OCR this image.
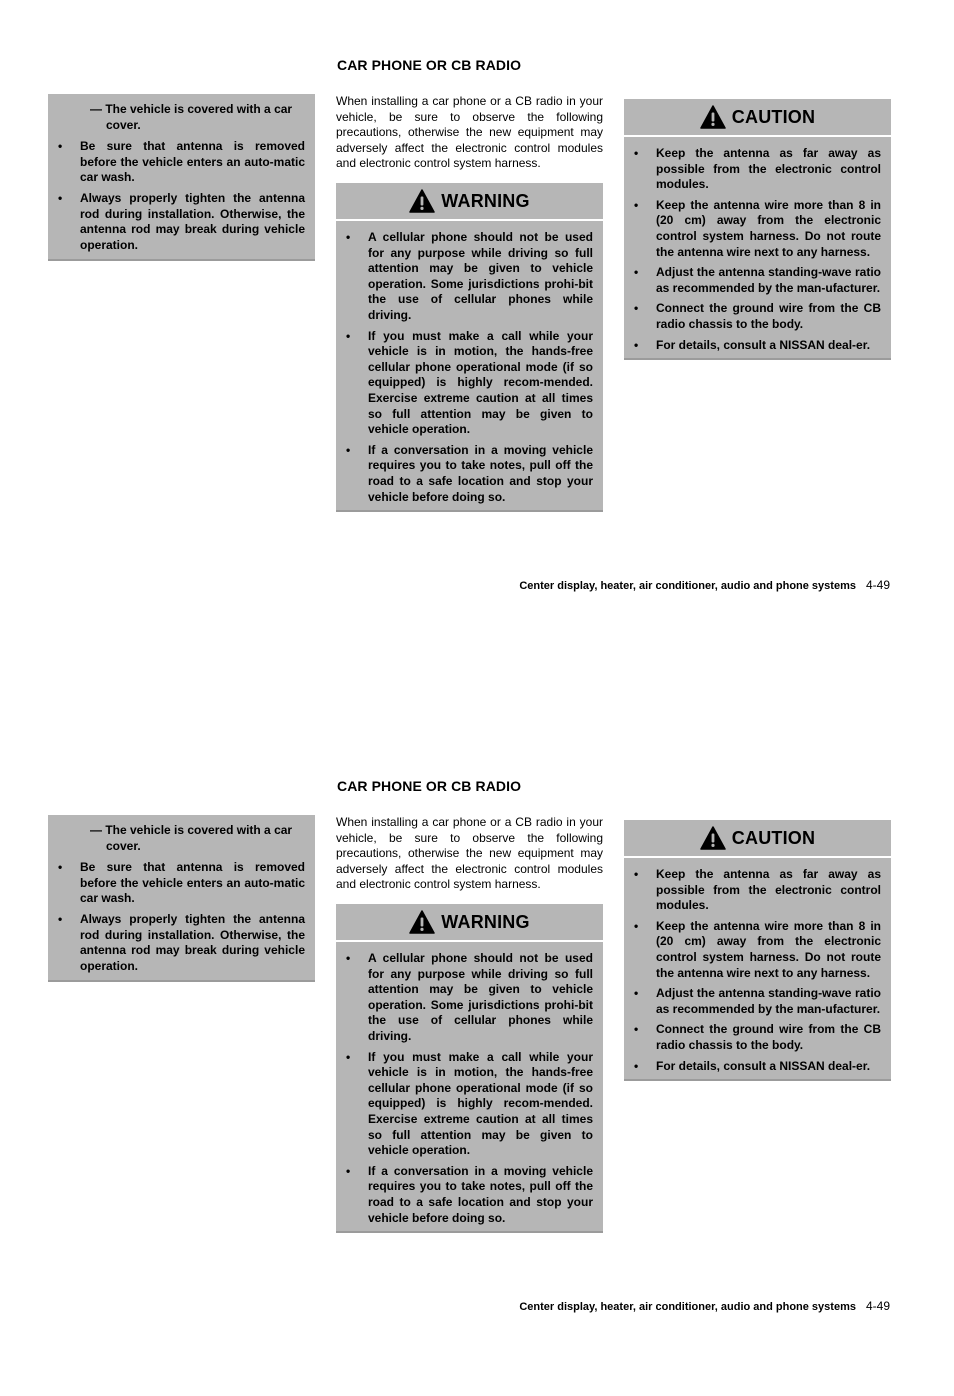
CAR PHONE OR CB RADIO
— The vehicle is covered with a car cover.
• Be sure that antenna is removed before the vehicle enters an auto-matic car wash.
• Always properly tighten the antenna rod during installation. Otherwise, the antenna rod may break during vehicle operation.
When installing a car phone or a CB radio in your vehicle, be sure to observe the following precautions, otherwise the new equipment may adversely affect the electronic control modules and electronic control system harness.
WARNING
• A cellular phone should not be used for any purpose while driving so full attention may be given to vehicle operation. Some jurisdictions prohi-bit the use of cellular phones while driving.
• If you must make a call while your vehicle is in motion, the hands-free cellular phone operational mode (if so equipped) is highly recom-mended. Exercise extreme caution at all times so full attention may be given to vehicle operation.
• If a conversation in a moving vehicle requires you to take notes, pull off the road to a safe location and stop your vehicle before doing so.
CAUTION
• Keep the antenna as far away as possible from the electronic control modules.
• Keep the antenna wire more than 8 in (20 cm) away from the electronic control system harness. Do not route the antenna wire next to any harness.
• Adjust the antenna standing-wave ratio as recommended by the man-ufacturer.
• Connect the ground wire from the CB radio chassis to the body.
• For details, consult a NISSAN deal-er.
Center display, heater, air conditioner, audio and phone systems 4-49
CAR PHONE OR CB RADIO
— The vehicle is covered with a car cover.
• Be sure that antenna is removed before the vehicle enters an auto-matic car wash.
• Always properly tighten the antenna rod during installation. Otherwise, the antenna rod may break during vehicle operation.
When installing a car phone or a CB radio in your vehicle, be sure to observe the following precautions, otherwise the new equipment may adversely affect the electronic control modules and electronic control system harness.
WARNING
• A cellular phone should not be used for any purpose while driving so full attention may be given to vehicle operation. Some jurisdictions prohi-bit the use of cellular phones while driving.
• If you must make a call while your vehicle is in motion, the hands-free cellular phone operational mode (if so equipped) is highly recom-mended. Exercise extreme caution at all times so full attention may be given to vehicle operation.
• If a conversation in a moving vehicle requires you to take notes, pull off the road to a safe location and stop your vehicle before doing so.
CAUTION
• Keep the antenna as far away as possible from the electronic control modules.
• Keep the antenna wire more than 8 in (20 cm) away from the electronic control system harness. Do not route the antenna wire next to any harness.
• Adjust the antenna standing-wave ratio as recommended by the man-ufacturer.
• Connect the ground wire from the CB radio chassis to the body.
• For details, consult a NISSAN deal-er.
Center display, heater, air conditioner, audio and phone systems 4-49
